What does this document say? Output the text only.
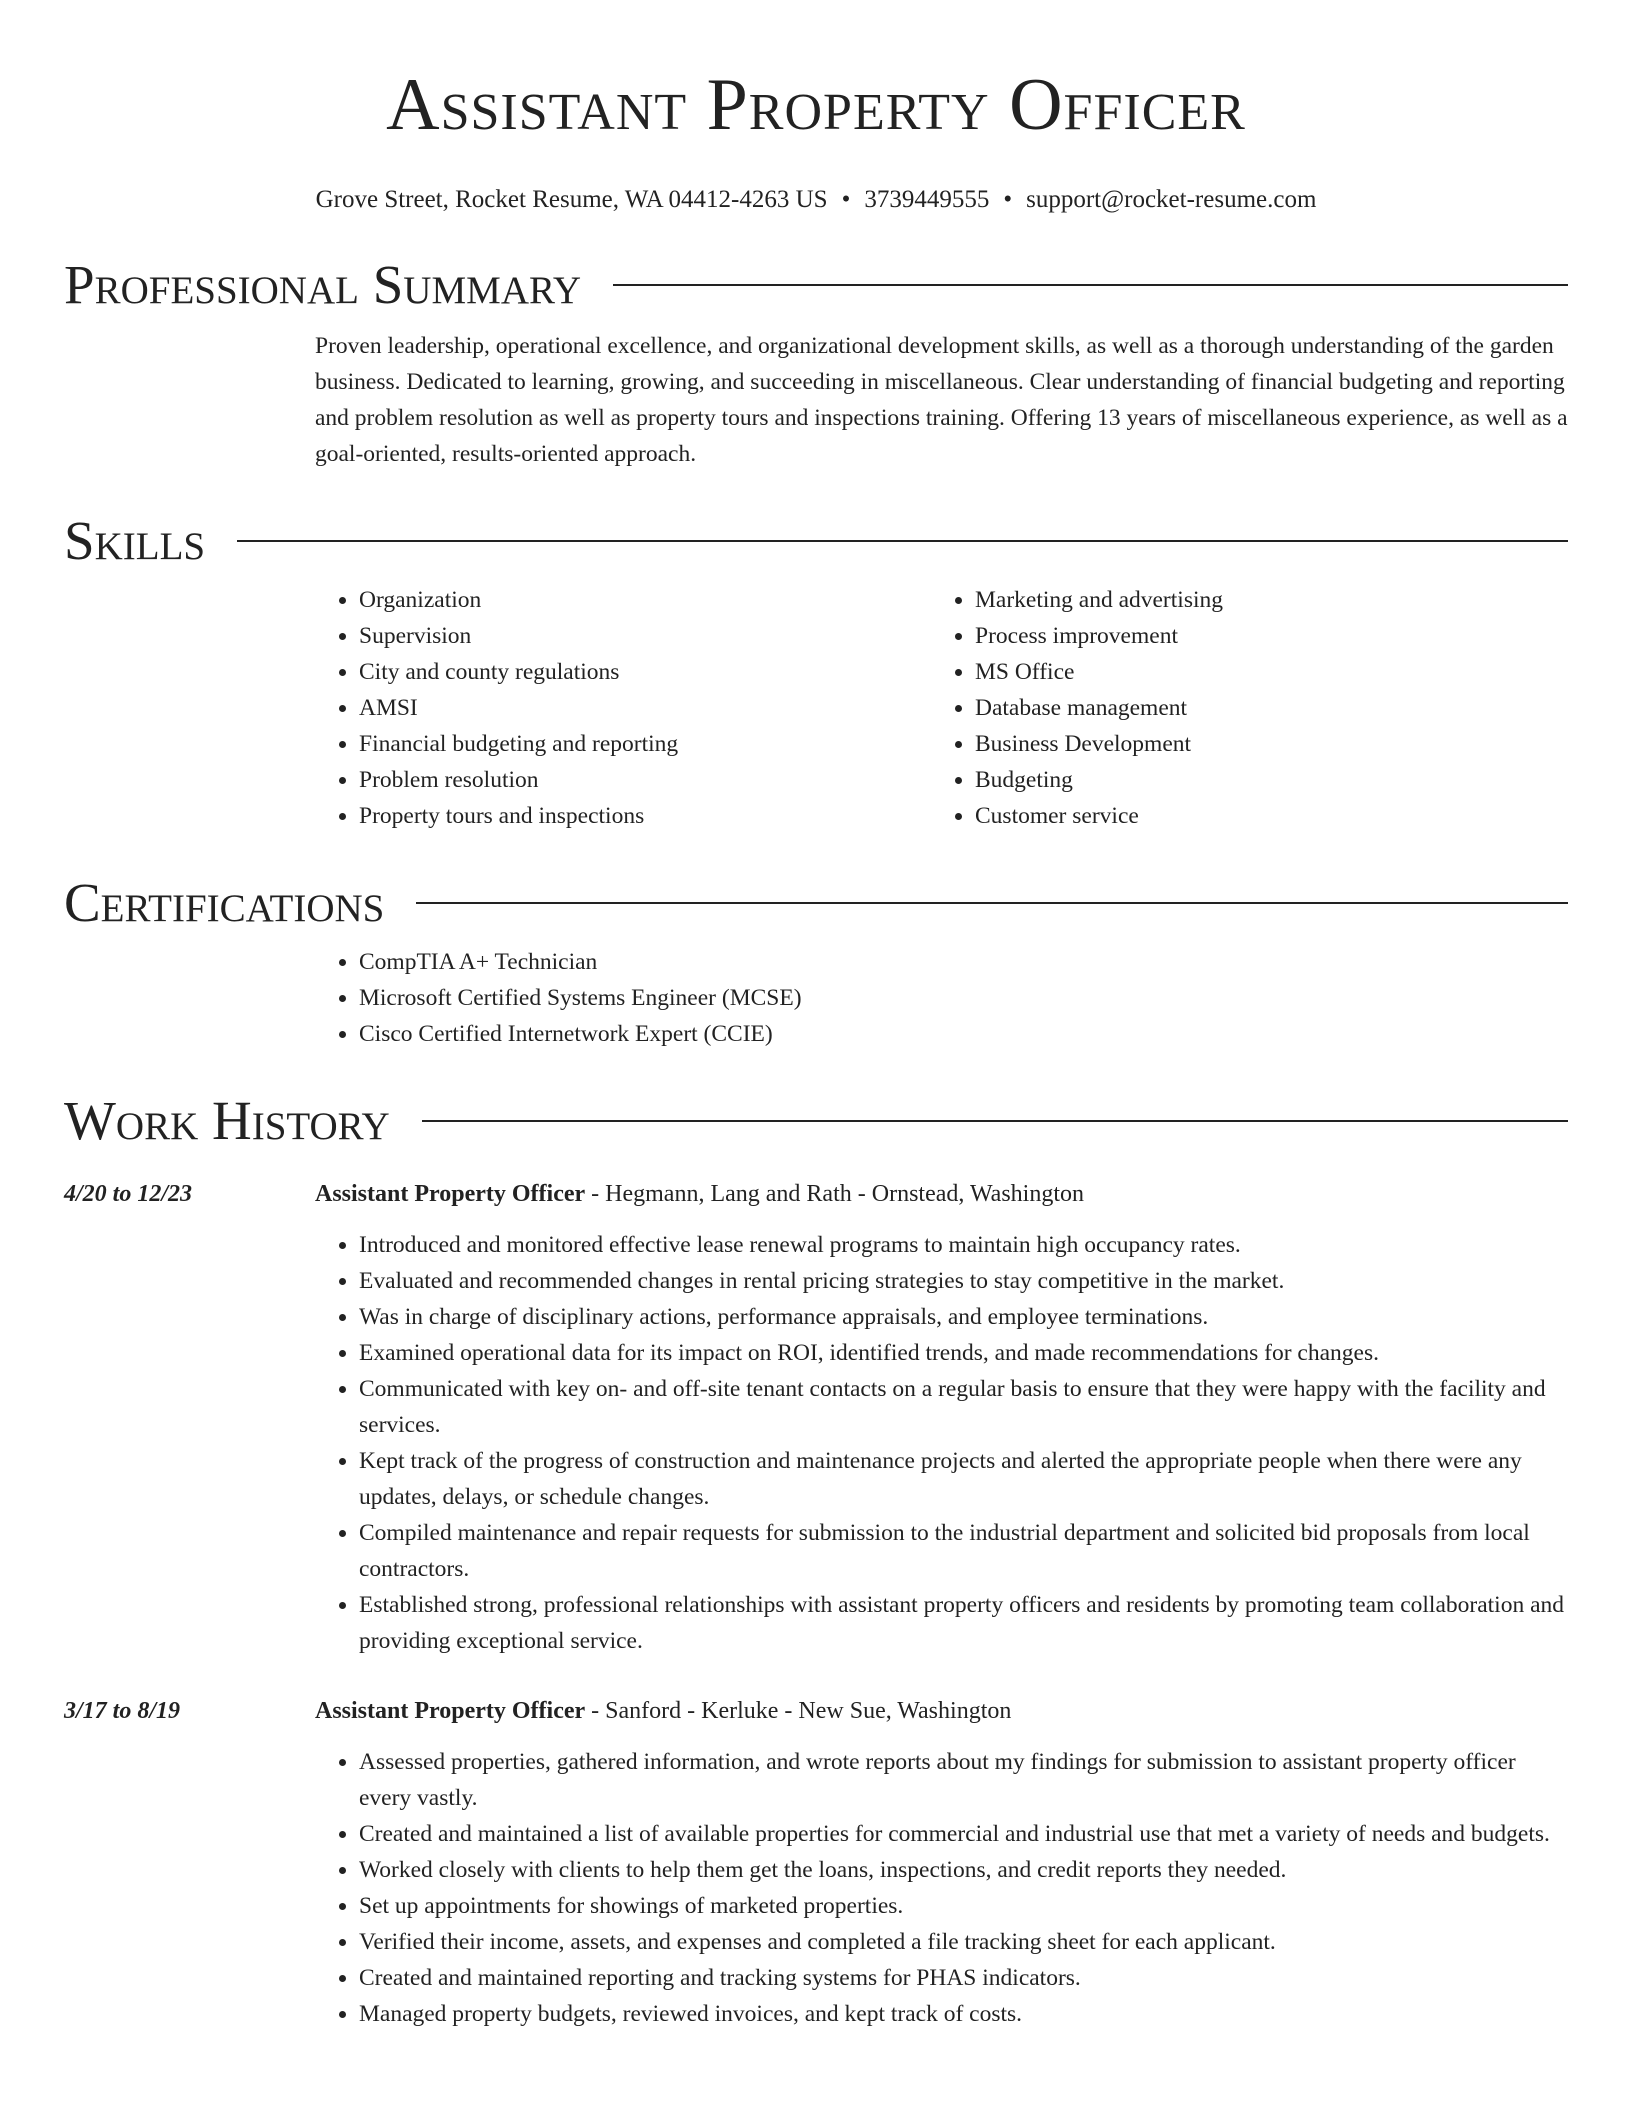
Assistant Property Officer
Grove Street, Rocket Resume, WA 04412-4263 US • 3739449555 • support@rocket-resume.com
Professional Summary

Proven leadership, operational excellence, and organizational development skills, as well as a thorough understanding of the garden business. Dedicated to learning, growing, and succeeding in miscellaneous. Clear understanding of financial budgeting and reporting and problem resolution as well as property tours and inspections training. Offering 13 years of miscellaneous experience, as well as a goal-oriented, results-oriented approach.

Skills
• Organization
• Supervision
• City and county regulations
• AMSI
• Financial budgeting and reporting
• Problem resolution
• Property tours and inspections
• Marketing and advertising
• Process improvement
• MS Office
• Database management
• Business Development
• Budgeting
• Customer service
Certifications
• CompTIA A+ Technician
• Microsoft Certified Systems Engineer (MCSE)
• Cisco Certified Internetwork Expert (CCIE)
Work History
4/20 to 12/23	Assistant Property Officer - Hegmann, Lang and Rath - Ornstead, Washington
• Introduced and monitored effective lease renewal programs to maintain high occupancy rates.
• Evaluated and recommended changes in rental pricing strategies to stay competitive in the market.
• Was in charge of disciplinary actions, performance appraisals, and employee terminations.
• Examined operational data for its impact on ROI, identified trends, and made recommendations for changes.
• Communicated with key on- and off-site tenant contacts on a regular basis to ensure that they were happy with the facility and services.
• Kept track of the progress of construction and maintenance projects and alerted the appropriate people when there were any updates, delays, or schedule changes.
• Compiled maintenance and repair requests for submission to the industrial department and solicited bid proposals from local contractors.
• Established strong, professional relationships with assistant property officers and residents by promoting team collaboration and providing exceptional service.
3/17 to 8/19	Assistant Property Officer - Sanford - Kerluke - New Sue, Washington
• Assessed properties, gathered information, and wrote reports about my findings for submission to assistant property officer every vastly.
• Created and maintained a list of available properties for commercial and industrial use that met a variety of needs and budgets.
• Worked closely with clients to help them get the loans, inspections, and credit reports they needed.
• Set up appointments for showings of marketed properties.
• Verified their income, assets, and expenses and completed a file tracking sheet for each applicant.
• Created and maintained reporting and tracking systems for PHAS indicators.
• Managed property budgets, reviewed invoices, and kept track of costs.
